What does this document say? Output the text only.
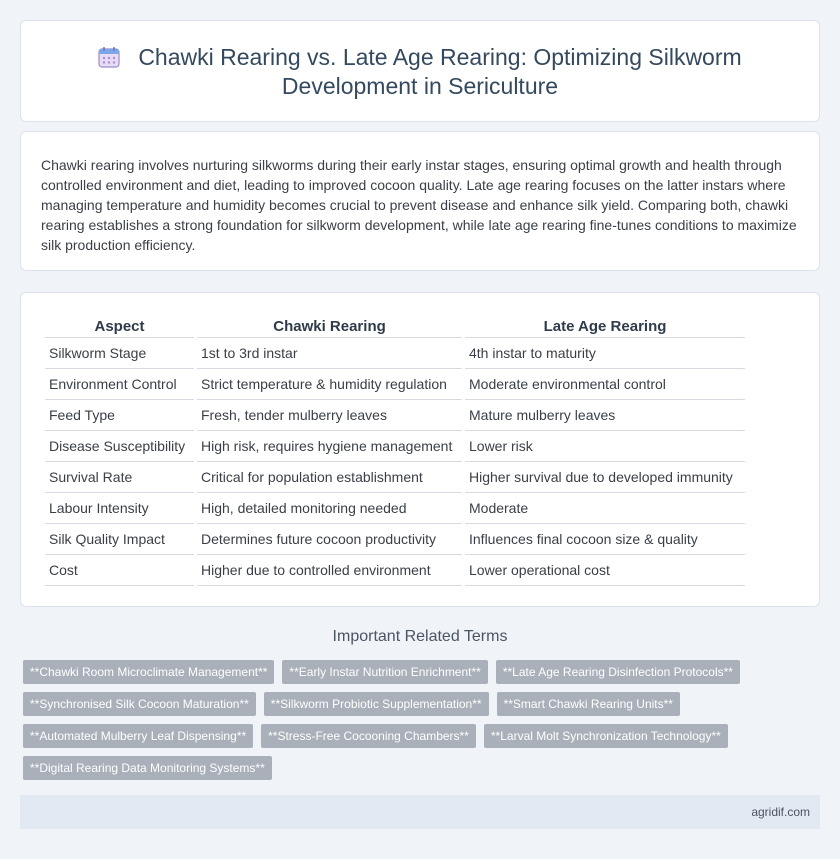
Chawki Rearing vs. Late Age Rearing: Optimizing Silkworm
Development in Sericulture

Chawki rearing involves nurturing silkworms during their early instar stages, ensuring optimal growth and health through controlled environment and diet, leading to improved cocoon quality. Late age rearing focuses on the latter instars where managing temperature and humidity becomes crucial to prevent disease and enhance silk yield. Comparing both, chawki rearing establishes a strong foundation for silkworm development, while late age rearing fine-tunes conditions to maximize silk production efficiency.

Aspect	Chawki Rearing	Late Age Rearing
Silkworm Stage	1st to 3rd instar	4th instar to maturity
Environment Control	Strict temperature & humidity regulation	Moderate environmental control
Feed Type	Fresh, tender mulberry leaves	Mature mulberry leaves
Disease Susceptibility	High risk, requires hygiene management	Lower risk
Survival Rate	Critical for population establishment	Higher survival due to developed immunity
Labour Intensity	High, detailed monitoring needed	Moderate
Silk Quality Impact	Determines future cocoon productivity	Influences final cocoon size & quality
Cost	Higher due to controlled environment	Lower operational cost
Important Related Terms
**Chawki Room Microclimate Management**	**Early Instar Nutrition Enrichment**	**Late Age Rearing Disinfection Protocols**
**Synchronised Silk Cocoon Maturation**	**Silkworm Probiotic Supplementation**	**Smart Chawki Rearing Units**
**Automated Mulberry Leaf Dispensing**	**Stress-Free Cocooning Chambers**	**Larval Molt Synchronization Technology**
**Digital Rearing Data Monitoring Systems**
agridif.com
